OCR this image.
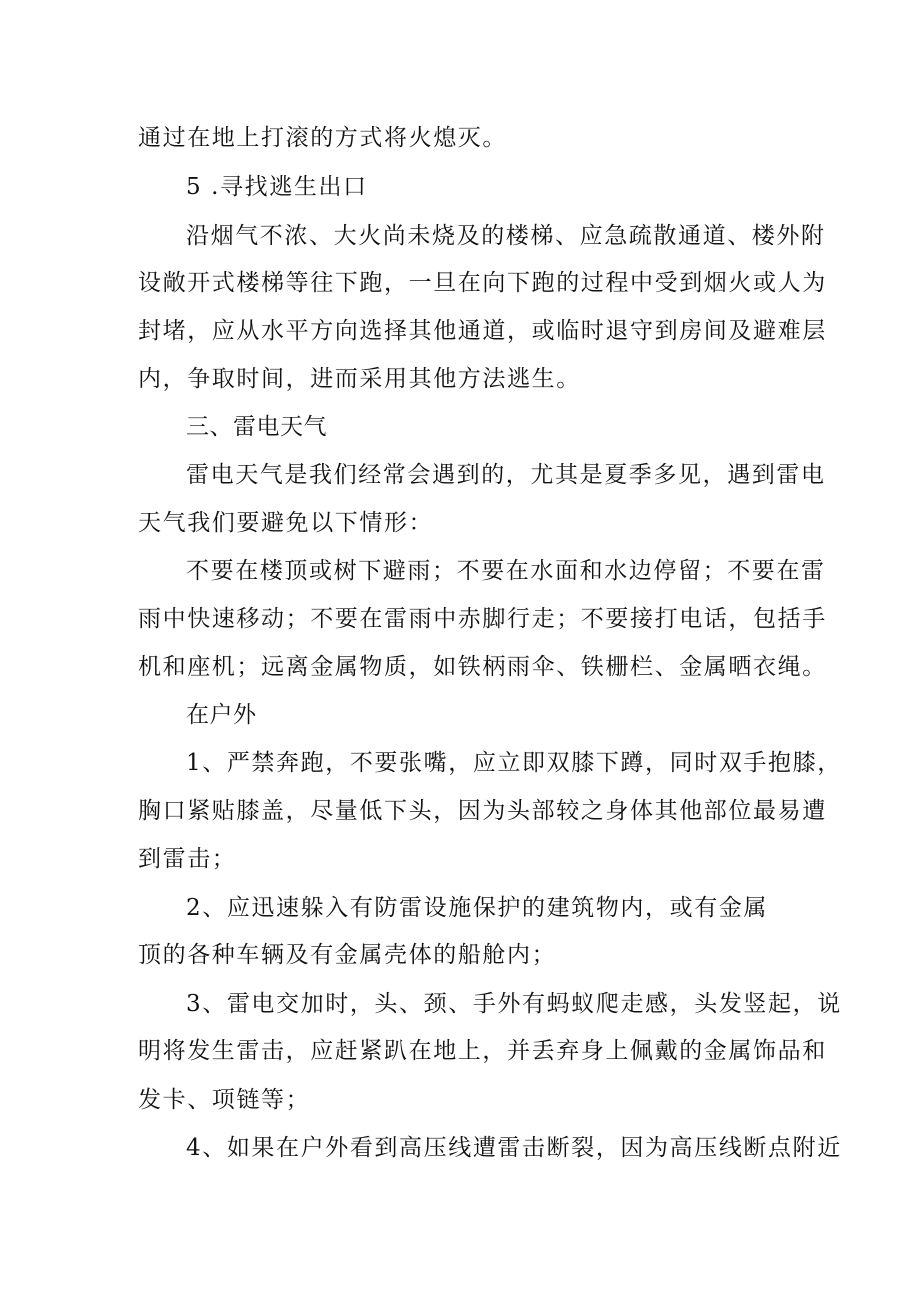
通过在地上打滚的方式将火熄灭。
5 .寻找逃生出口
沿烟气不浓、大火尚未烧及的楼梯、应急疏散通道、楼外附
设敞开式楼梯等往下跑，一旦在向下跑的过程中受到烟火或人为
封堵，应从水平方向选择其他通道，或临时退守到房间及避难层
内，争取时间，进而采用其他方法逃生。
三、雷电天气
雷电天气是我们经常会遇到的，尤其是夏季多见，遇到雷电
天气我们要避免以下情形：
不要在楼顶或树下避雨；不要在水面和水边停留；不要在雷
雨中快速移动；不要在雷雨中赤脚行走；不要接打电话，包括手
机和座机；远离金属物质，如铁柄雨伞、铁栅栏、金属晒衣绳。
在户外
1、严禁奔跑，不要张嘴，应立即双膝下蹲，同时双手抱膝，
胸口紧贴膝盖，尽量低下头，因为头部较之身体其他部位最易遭
到雷击；
2、应迅速躲入有防雷设施保护的建筑物内，或有金属
顶的各种车辆及有金属壳体的船舱内；
3、雷电交加时，头、颈、手外有蚂蚁爬走感，头发竖起，说
明将发生雷击，应赶紧趴在地上，并丢弃身上佩戴的金属饰品和
发卡、项链等；
4、如果在户外看到高压线遭雷击断裂，因为高压线断点附近
